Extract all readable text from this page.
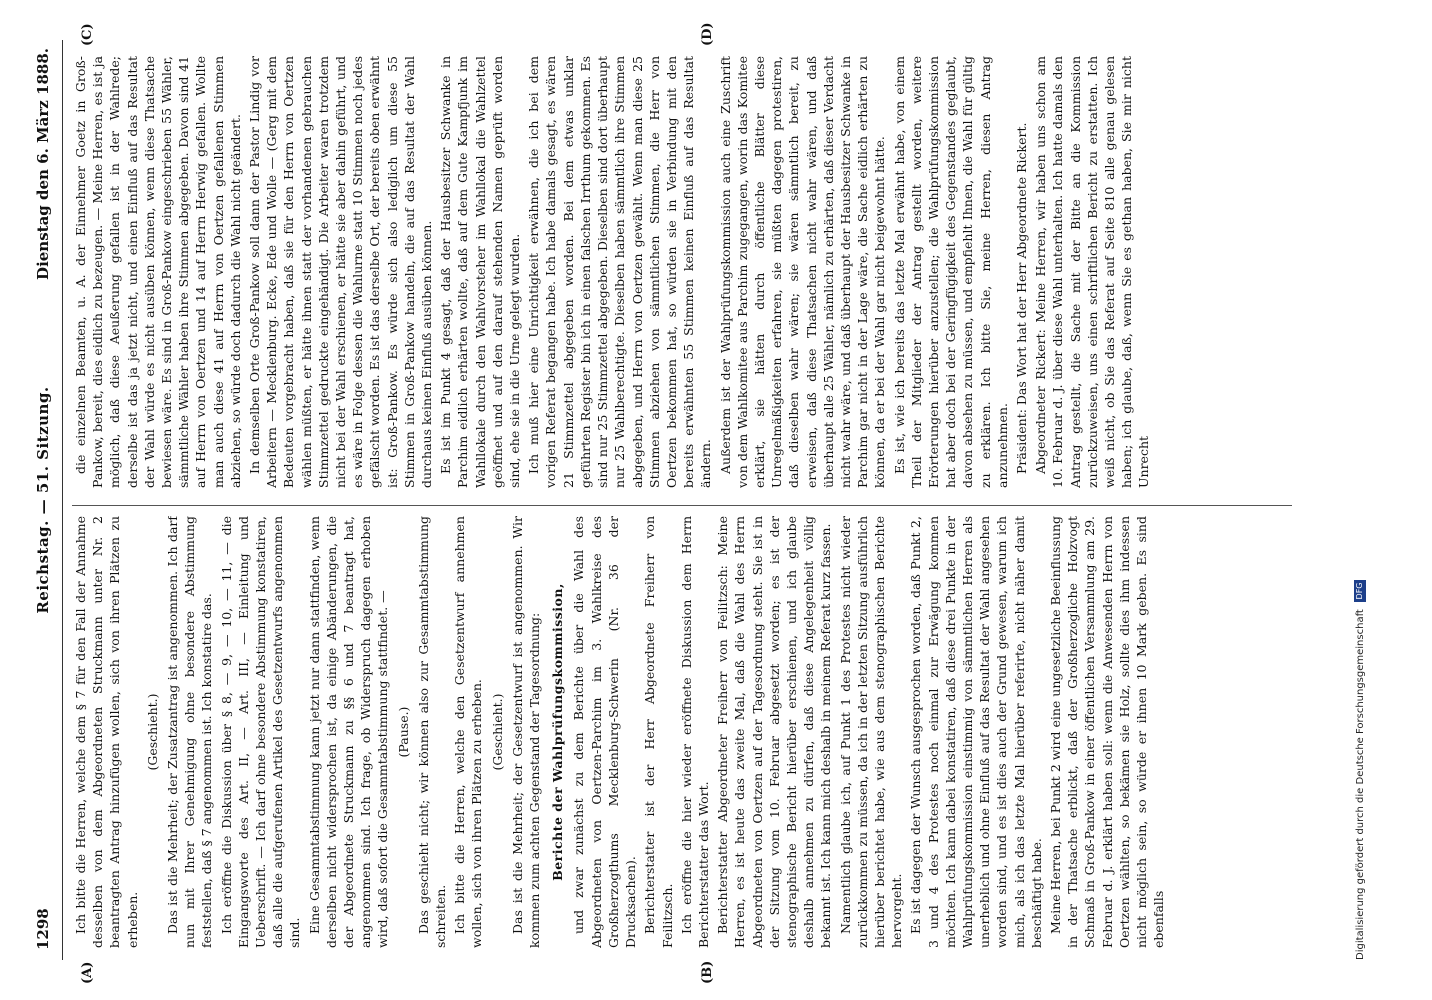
1298
Reichstag. — 51. Sitzung.
Dienstag den 6. März 1888.
(A)	(B)
(C)	(D)

Ich bitte die Herren, welche dem § 7 für den Fall der Annahme desselben von dem Abgeordneten Struckmann unter Nr. 2 beantragten Antrag hinzufügen wollen, sich von ihren Plätzen zu erheben.

(Geschieht.) Das ist die Mehrheit; der Zusatzantrag ist angenommen. Ich darf nun mit Ihrer Genehmigung ohne besondere Abstimmung feststellen, daß § 7 angenommen ist. Ich konstatire das. Ich eröffne die Diskussion über § 8, — 9, — 10, — 11, — die Eingangsworte des Art. II, — Art. III, — Einleitung und Ueberschrift. — Ich darf ohne besondere Abstimmung konstatiren, daß alle die aufgerufenen Artikel des Gesetzentwurfs angenommen sind. Eine Gesammtabstimmung kann jetzt nur dann stattfinden, wenn derselben nicht widersprochen ist, da einige Abänderungen, die der Abgeordnete Struckmann zu §§ 6 und 7 beantragt hat, angenommen sind. Ich frage, ob Widerspruch dagegen erhoben wird, daß sofort die Gesammtabstimmung stattfindet. — (Pause.) Das geschieht nicht; wir können also zur Gesammtabstimmung schreiten. Ich bitte die Herren, welche den Gesetzentwurf annehmen wollen, sich von ihren Plätzen zu erheben. (Geschieht.) Das ist die Mehrheit; der Gesetzentwurf ist angenommen. Wir kommen zum achten Gegenstand der Tagesordnung: Berichte der Wahlprüfungskommission, und zwar zunächst zu dem Berichte über die Wahl des Abgeordneten von Oertzen-Parchim im 3. Wahlkreise des Großherzogthums Mecklenburg-Schwerin (Nr. 36 der Drucksachen). Berichterstatter ist der Herr Abgeordnete Freiherr von Feilitzsch. Ich eröffne die hier wieder eröffnete Diskussion dem Herrn Berichterstatter das Wort. Berichterstatter Abgeordneter Freiherr von Feilitzsch: Meine Herren, es ist heute das zweite Mal, daß die Wahl des Herrn Abgeordneten von Oertzen auf der Tagesordnung steht. Sie ist in der Sitzung vom 10. Februar abgesetzt worden; es ist der stenographische Bericht hierüber erschienen, und ich glaube deshalb annehmen zu dürfen, daß diese Angelegenheit völlig bekannt ist. Ich kann mich deshalb in meinem Referat kurz fassen. Namentlich glaube ich, auf Punkt 1 des Protestes nicht wieder zurückkommen zu müssen, da ich in der letzten Sitzung ausführlich hierüber berichtet habe, wie aus dem stenographischen Berichte hervorgeht. Es ist dagegen der Wunsch ausgesprochen worden, daß Punkt 2, 3 und 4 des Protestes noch einmal zur Erwägung kommen möchten. Ich kann dabei konstatiren, daß diese drei Punkte in der Wahlprüfungskommission einstimmig von sämmtlichen Herren als unerheblich und ohne Einfluß auf das Resultat der Wahl angesehen worden sind, und es ist dies auch der Grund gewesen, warum ich mich, als ich das letzte Mal hierüber referirte, nicht näher damit beschäftigt habe. Meine Herren, bei Punkt 2 wird eine ungesetzliche Beeinflussung in der Thatsache erblickt, daß der Großherzogliche Holzvogt Schmaß in Groß-Pankow in einer öffentlichen Versammlung am 29. Februar d. J. erklärt haben soll: wenn die Anwesenden Herrn von Oertzen wählten, so bekämen sie Holz, sollte dies ihm indessen nicht möglich sein, so würde er ihnen 10 Mark geben. Es sind ebenfalls

die einzelnen Beamten, u. A. der Einnehmer Goetz in Groß-Pankow, bereit, dies eidlich zu bezeugen. — Meine Herren, es ist ja möglich, daß diese Aeußerung gefallen ist in der Wahlrede; derselbe ist das ja jetzt nicht, und einen Einfluß auf das Resultat der Wahl würde es nicht ausüben können, wenn diese Thatsache bewiesen wäre. Es sind in Groß-Pankow eingeschrieben 55 Wähler, sämmtliche Wähler haben ihre Stimmen abgegeben. Davon sind 41 auf Herrn von Oertzen und 14 auf Herrn Herwig gefallen. Wollte man auch diese 41 auf Herrn von Oertzen gefallenen Stimmen abziehen, so würde doch dadurch die Wahl nicht geändert. In demselben Orte Groß-Pankow soll dann der Pastor Lindig vor Arbeitern — Mecklenburg. Ecke, Ede und Wolle — (Gerg mit dem Bedeuten vorgebracht haben, daß sie für den Herrn von Oertzen wählen müßten, er hätte ihnen statt der vorhandenen gebrauchen Stimmzettel gedruckte eingehändigt. Die Arbeiter waren trotzdem nicht bei der Wahl erschienen, er hätte sie aber dahin geführt, und es wäre in Folge dessen die Wahlurne statt 10 Stimmen noch jedes gefälscht worden. Es ist das derselbe Ort, der bereits oben erwähnt ist: Groß-Pankow. Es würde sich also lediglich um diese 55 Stimmen in Groß-Pankow handeln, die auf das Resultat der Wahl durchaus keinen Einfluß ausüben können. Es ist im Punkt 4 gesagt, daß der Hausbesitzer Schwanke in Parchim eidlich erhärten wollte, daß auf dem Gute Kampfjunk im Wahllokale durch den Wahlvorsteher im Wahllokal die Wahlzettel geöffnet und auf den darauf stehenden Namen geprüft worden sind, ehe sie in die Urne gelegt wurden. Ich muß hier eine Unrichtigkeit erwähnen, die ich bei dem vorigen Referat begangen habe. Ich habe damals gesagt, es wären 21 Stimmzettel abgegeben worden. Bei dem etwas unklar geführten Register bin ich in einen falschen Irrthum gekommen. Es sind nur 25 Stimmzettel abgegeben. Dieselben sind dort überhaupt nur 25 Wahlberechtigte. Dieselben haben sämmtlich ihre Stimmen abgegeben, und Herrn von Oertzen gewählt. Wenn man diese 25 Stimmen abziehen von sämmtlichen Stimmen, die Herr von Oertzen bekommen hat, so würden sie in Verbindung mit den bereits erwähnten 55 Stimmen keinen Einfluß auf das Resultat ändern. Außerdem ist der Wahlprüfungskommission auch eine Zuschrift von dem Wahlkomitee aus Parchim zugegangen, worin das Komitee erklärt, sie hätten durch öffentliche Blätter diese Unregelmäßigkeiten erfahren, sie müßten dagegen protestiren, daß dieselben wahr wären; sie wären sämmtlich bereit, zu erweisen, daß diese Thatsachen nicht wahr wären, und daß überhaupt alle 25 Wähler, nämlich zu erhärten, daß dieser Verdacht nicht wahr wäre, und daß überhaupt der Hausbesitzer Schwanke in Parchim gar nicht in der Lage wäre, die Sache eidlich erhärten zu können, da er bei der Wahl gar nicht beigewohnt hätte. Es ist, wie ich bereits das letzte Mal erwähnt habe, von einem Theil der Mitglieder der Antrag gestellt worden, weitere Erörterungen hierüber anzustellen; die Wahlprüfungskommission hat aber doch bei der Geringfügigkeit des Gegenstandes geglaubt, davon absehen zu müssen, und empfiehlt Ihnen, die Wahl für gültig zu erklären. Ich bitte Sie, meine Herren, diesen Antrag anzunehmen. Präsident: Das Wort hat der Herr Abgeordnete Rickert. Abgeordneter Rickert: Meine Herren, wir haben uns schon am 10. Februar d. J. über diese Wahl unterhalten. Ich hatte damals den Antrag gestellt, die Sache mit der Bitte an die Kommission zurückzuweisen, uns einen schriftlichen Bericht zu erstatten. Ich weiß nicht, ob Sie das Referat auf Seite 810 alle genau gelesen haben; ich glaube, daß, wenn Sie es gethan haben, Sie mir nicht Unrecht

Digitalisierung gefördert durch die Deutsche Forschungsgemeinschaft DFG
